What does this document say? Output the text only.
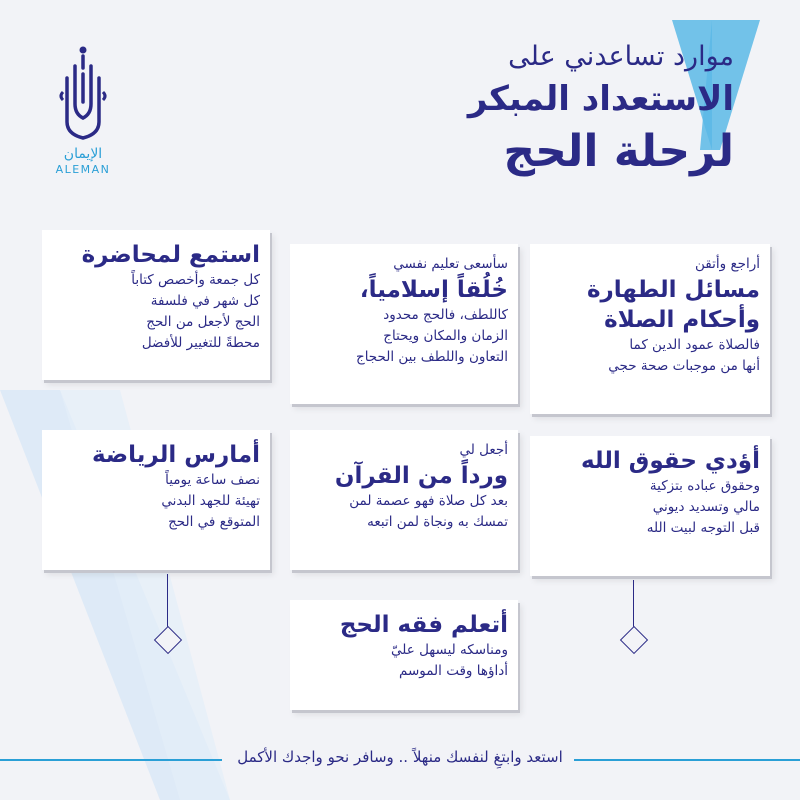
الإيمان
ALEMAN
موارد تساعدني على
الاستعداد المبكر
لرحلة الحج
استمع لمحاضرة
كل جمعة وأخصص كتاباً
كل شهر في فلسفة
الحج لأجعل من الحج
محطةً للتغيير للأفضل
سأسعى تعليم نفسي
خُلُقاً إسلامياً،
كاللطف، فالحج محدود
الزمان والمكان ويحتاج
التعاون واللطف بين الحجاج
أراجع وأتقن
مسائل الطهارة
وأحكام الصلاة
فالصلاة عمود الدين كما
أنها من موجبات صحة حجي
أمارس الرياضة
نصف ساعة يومياً
تهيئة للجهد البدني
المتوقع في الحج
أجعل لي
ورداً من القرآن
بعد كل صلاة فهو عصمة لمن
تمسك به ونجاة لمن اتبعه
أؤدي حقوق الله
وحقوق عباده بتزكية
مالي وتسديد ديوني
قبل التوجه لبيت الله
أتعلم فقه الحج
ومناسكه ليسهل عليّ
أداؤها وقت الموسم
استعد وابتغِ لنفسك منهلاً .. وسافر نحو واجدك الأكمل
